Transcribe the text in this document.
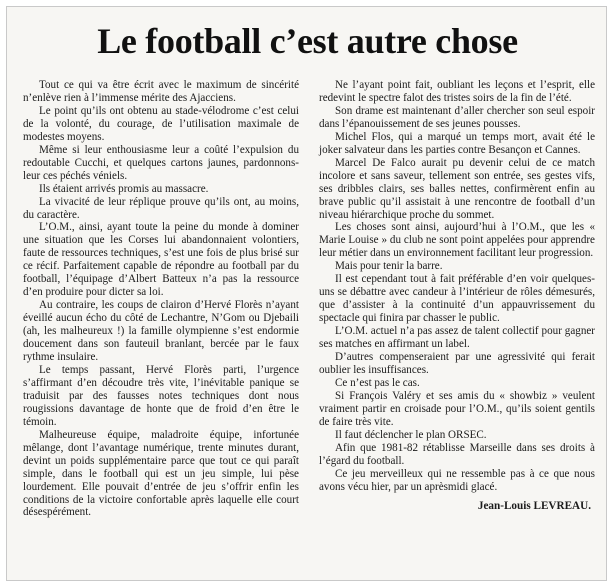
Le football c’est autre chose

Tout ce qui va être écrit avec le maximum de sincérité n’enlève rien à l’immense mérite des Ajacciens.

Le point qu’ils ont obtenu au stade-vélodrome c’est celui de la volonté, du courage, de l’utilisation maximale de modestes moyens.

Même si leur enthousiasme leur a coûté l’expulsion du redoutable Cucchi, et quelques cartons jaunes, pardonnons-leur ces péchés véniels.

Ils étaient arrivés promis au massacre.

La vivacité de leur réplique prouve qu’ils ont, au moins, du caractère.

L’O.M., ainsi, ayant toute la peine du monde à dominer une situation que les Corses lui abandonnaient volontiers, faute de ressources techniques, s’est une fois de plus brisé sur ce récif. Parfaitement capable de répondre au football par du football, l’équipage d’Albert Batteux n’a pas la ressource d’en produire pour dicter sa loi.

Au contraire, les coups de clairon d’Hervé Florès n’ayant éveillé aucun écho du côté de Lechantre, N’Gom ou Djebaili (ah, les malheureux !) la famille olympienne s’est endormie doucement dans son fauteuil branlant, bercée par le faux rythme insulaire.

Le temps passant, Hervé Florès parti, l’urgence s’affirmant d’en découdre très vite, l’inévitable panique se traduisit par des fausses notes techniques dont nous rougissions davantage de honte que de froid d’en être le témoin.

Malheureuse équipe, maladroite équipe, infortunée mêlange, dont l’avantage numérique, trente minutes durant, devint un poids supplémentaire parce que tout ce qui paraît simple, dans le football qui est un jeu simple, lui pèse lourdement. Elle pouvait d’entrée de jeu s’offrir enfin les conditions de la victoire confortable après laquelle elle court désespérément.

Ne l’ayant point fait, oubliant les leçons et l’esprit, elle redevint le spectre falot des tristes soirs de la fin de l’été.

Son drame est maintenant d’aller chercher son seul espoir dans l’épanouissement de ses jeunes pousses.

Michel Flos, qui a marqué un temps mort, avait été le joker salvateur dans les parties contre Besançon et Cannes.

Marcel De Falco aurait pu devenir celui de ce match incolore et sans saveur, tellement son entrée, ses gestes vifs, ses dribbles clairs, ses balles nettes, confirmèrent enfin au brave public qu’il assistait à une rencontre de football d’un niveau hiérarchique proche du sommet.

Les choses sont ainsi, aujourd’hui à l’O.M., que les « Marie Louise » du club ne sont point appelées pour apprendre leur métier dans un environnement facilitant leur progression.

Mais pour tenir la barre.

Il est cependant tout à fait préférable d’en voir quelques-uns se débattre avec candeur à l’intérieur de rôles démesurés, que d’assister à la continuité d’un appauvrissement du spectacle qui finira par chasser le public.

L’O.M. actuel n’a pas assez de talent collectif pour gagner ses matches en affirmant un label.

D’autres compenseraient par une agressivité qui ferait oublier les insuffisances.

Ce n’est pas le cas.

Si François Valéry et ses amis du « showbiz » veulent vraiment partir en croisade pour l’O.M., qu’ils soient gentils de faire très vite.

Il faut déclencher le plan ORSEC.

Afin que 1981-82 rétablisse Marseille dans ses droits à l’égard du football.

Ce jeu merveilleux qui ne ressemble pas à ce que nous avons vécu hier, par un aprèsmidi glacé.

Jean-Louis LEVREAU.
